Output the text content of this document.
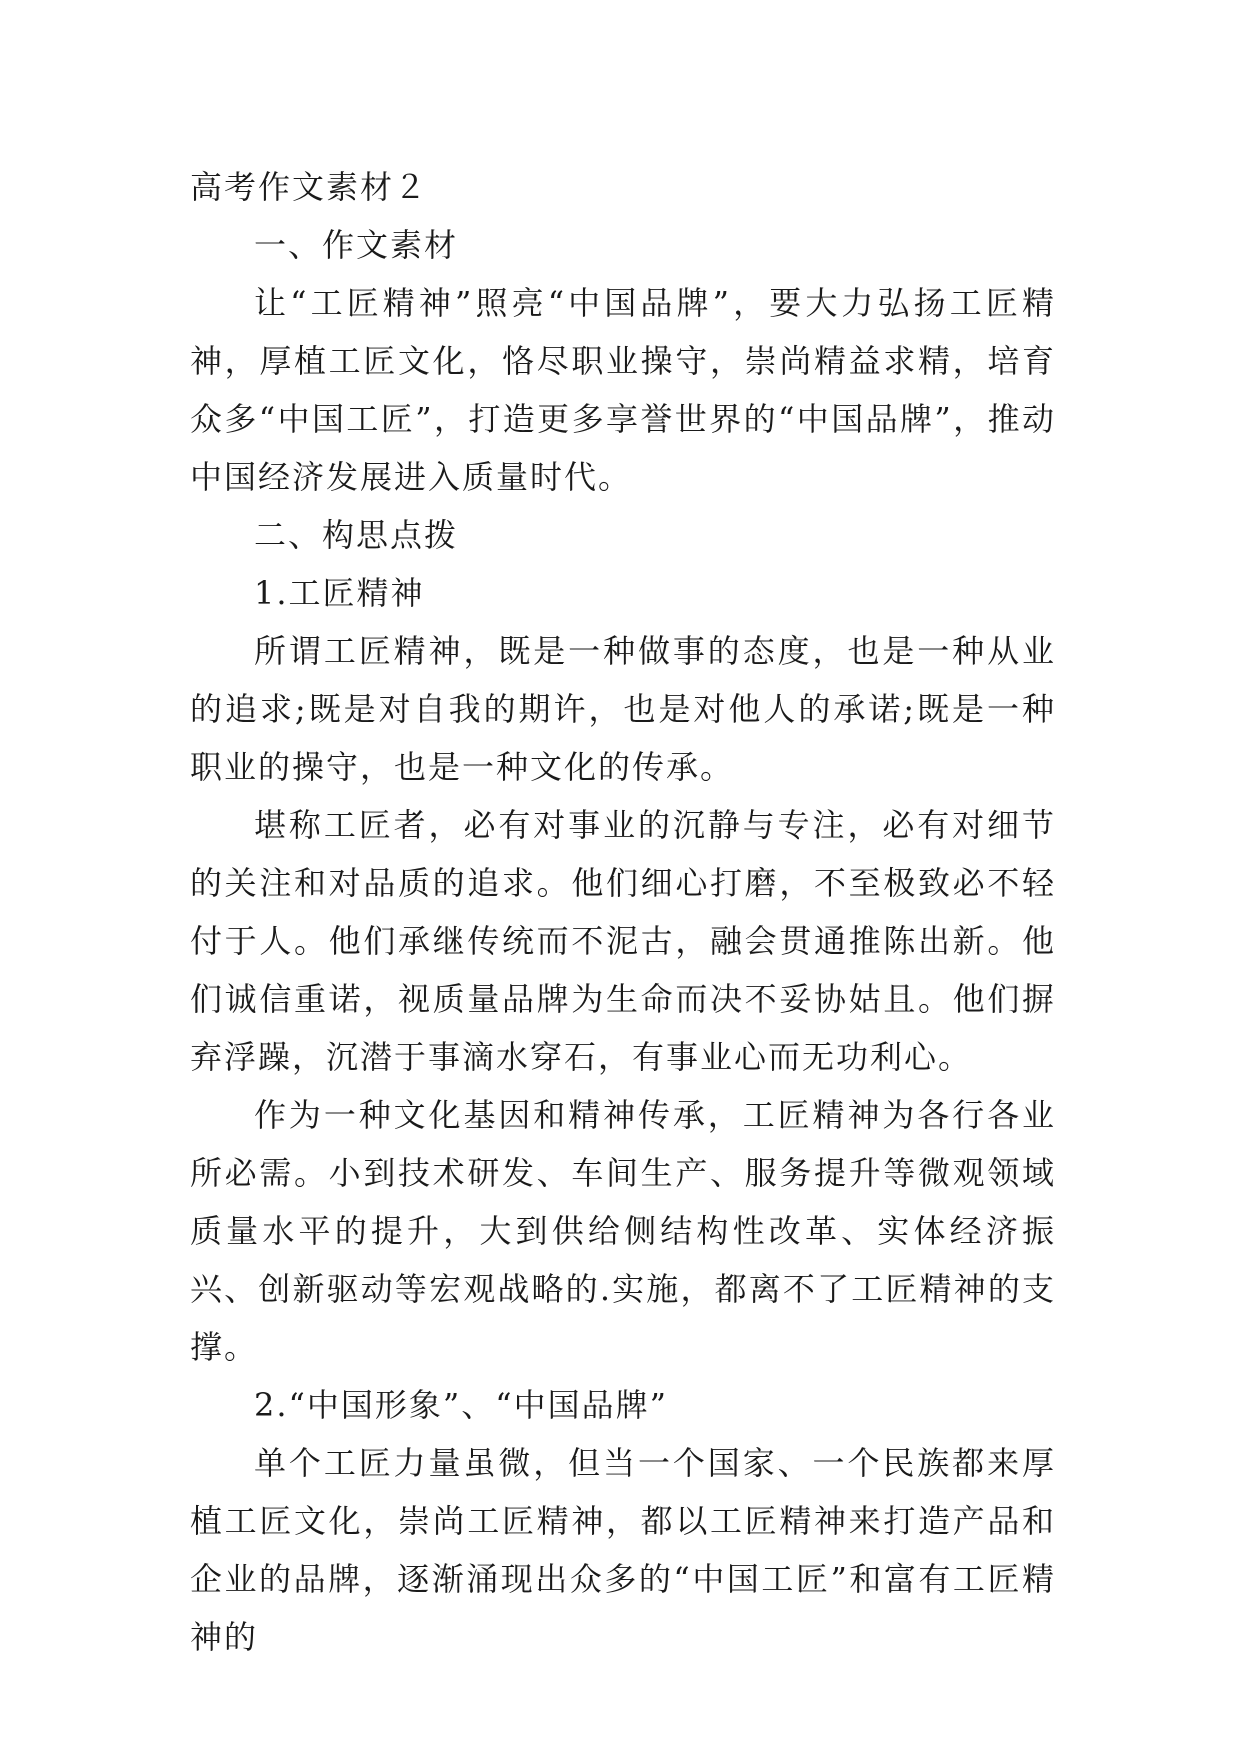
高考作文素材２
一、作文素材

让“工匠精神”照亮“中国品牌”，要大力弘扬工匠精神，厚植工匠文化，恪尽职业操守，崇尚精益求精，培育众多“中国工匠”，打造更多享誉世界的“中国品牌”，推动中国经济发展进入质量时代。

二、构思点拨
1.工匠精神

所谓工匠精神，既是一种做事的态度，也是一种从业的追求;既是对自我的期许，也是对他人的承诺;既是一种职业的操守，也是一种文化的传承。

堪称工匠者，必有对事业的沉静与专注，必有对细节的关注和对品质的追求。他们细心打磨，不至极致必不轻付于人。他们承继传统而不泥古，融会贯通推陈出新。他们诚信重诺，视质量品牌为生命而决不妥协姑且。他们摒弃浮躁，沉潜于事滴水穿石，有事业心而无功利心。

作为一种文化基因和精神传承，工匠精神为各行各业所必需。小到技术研发、车间生产、服务提升等微观领域质量水平的提升，大到供给侧结构性改革、实体经济振兴、创新驱动等宏观战略的.实施，都离不了工匠精神的支撑。

2.“中国形象”、“中国品牌”

单个工匠力量虽微，但当一个国家、一个民族都来厚植工匠文化，崇尚工匠精神，都以工匠精神来打造产品和企业的品牌，逐渐涌现出众多的“中国工匠”和富有工匠精神的
